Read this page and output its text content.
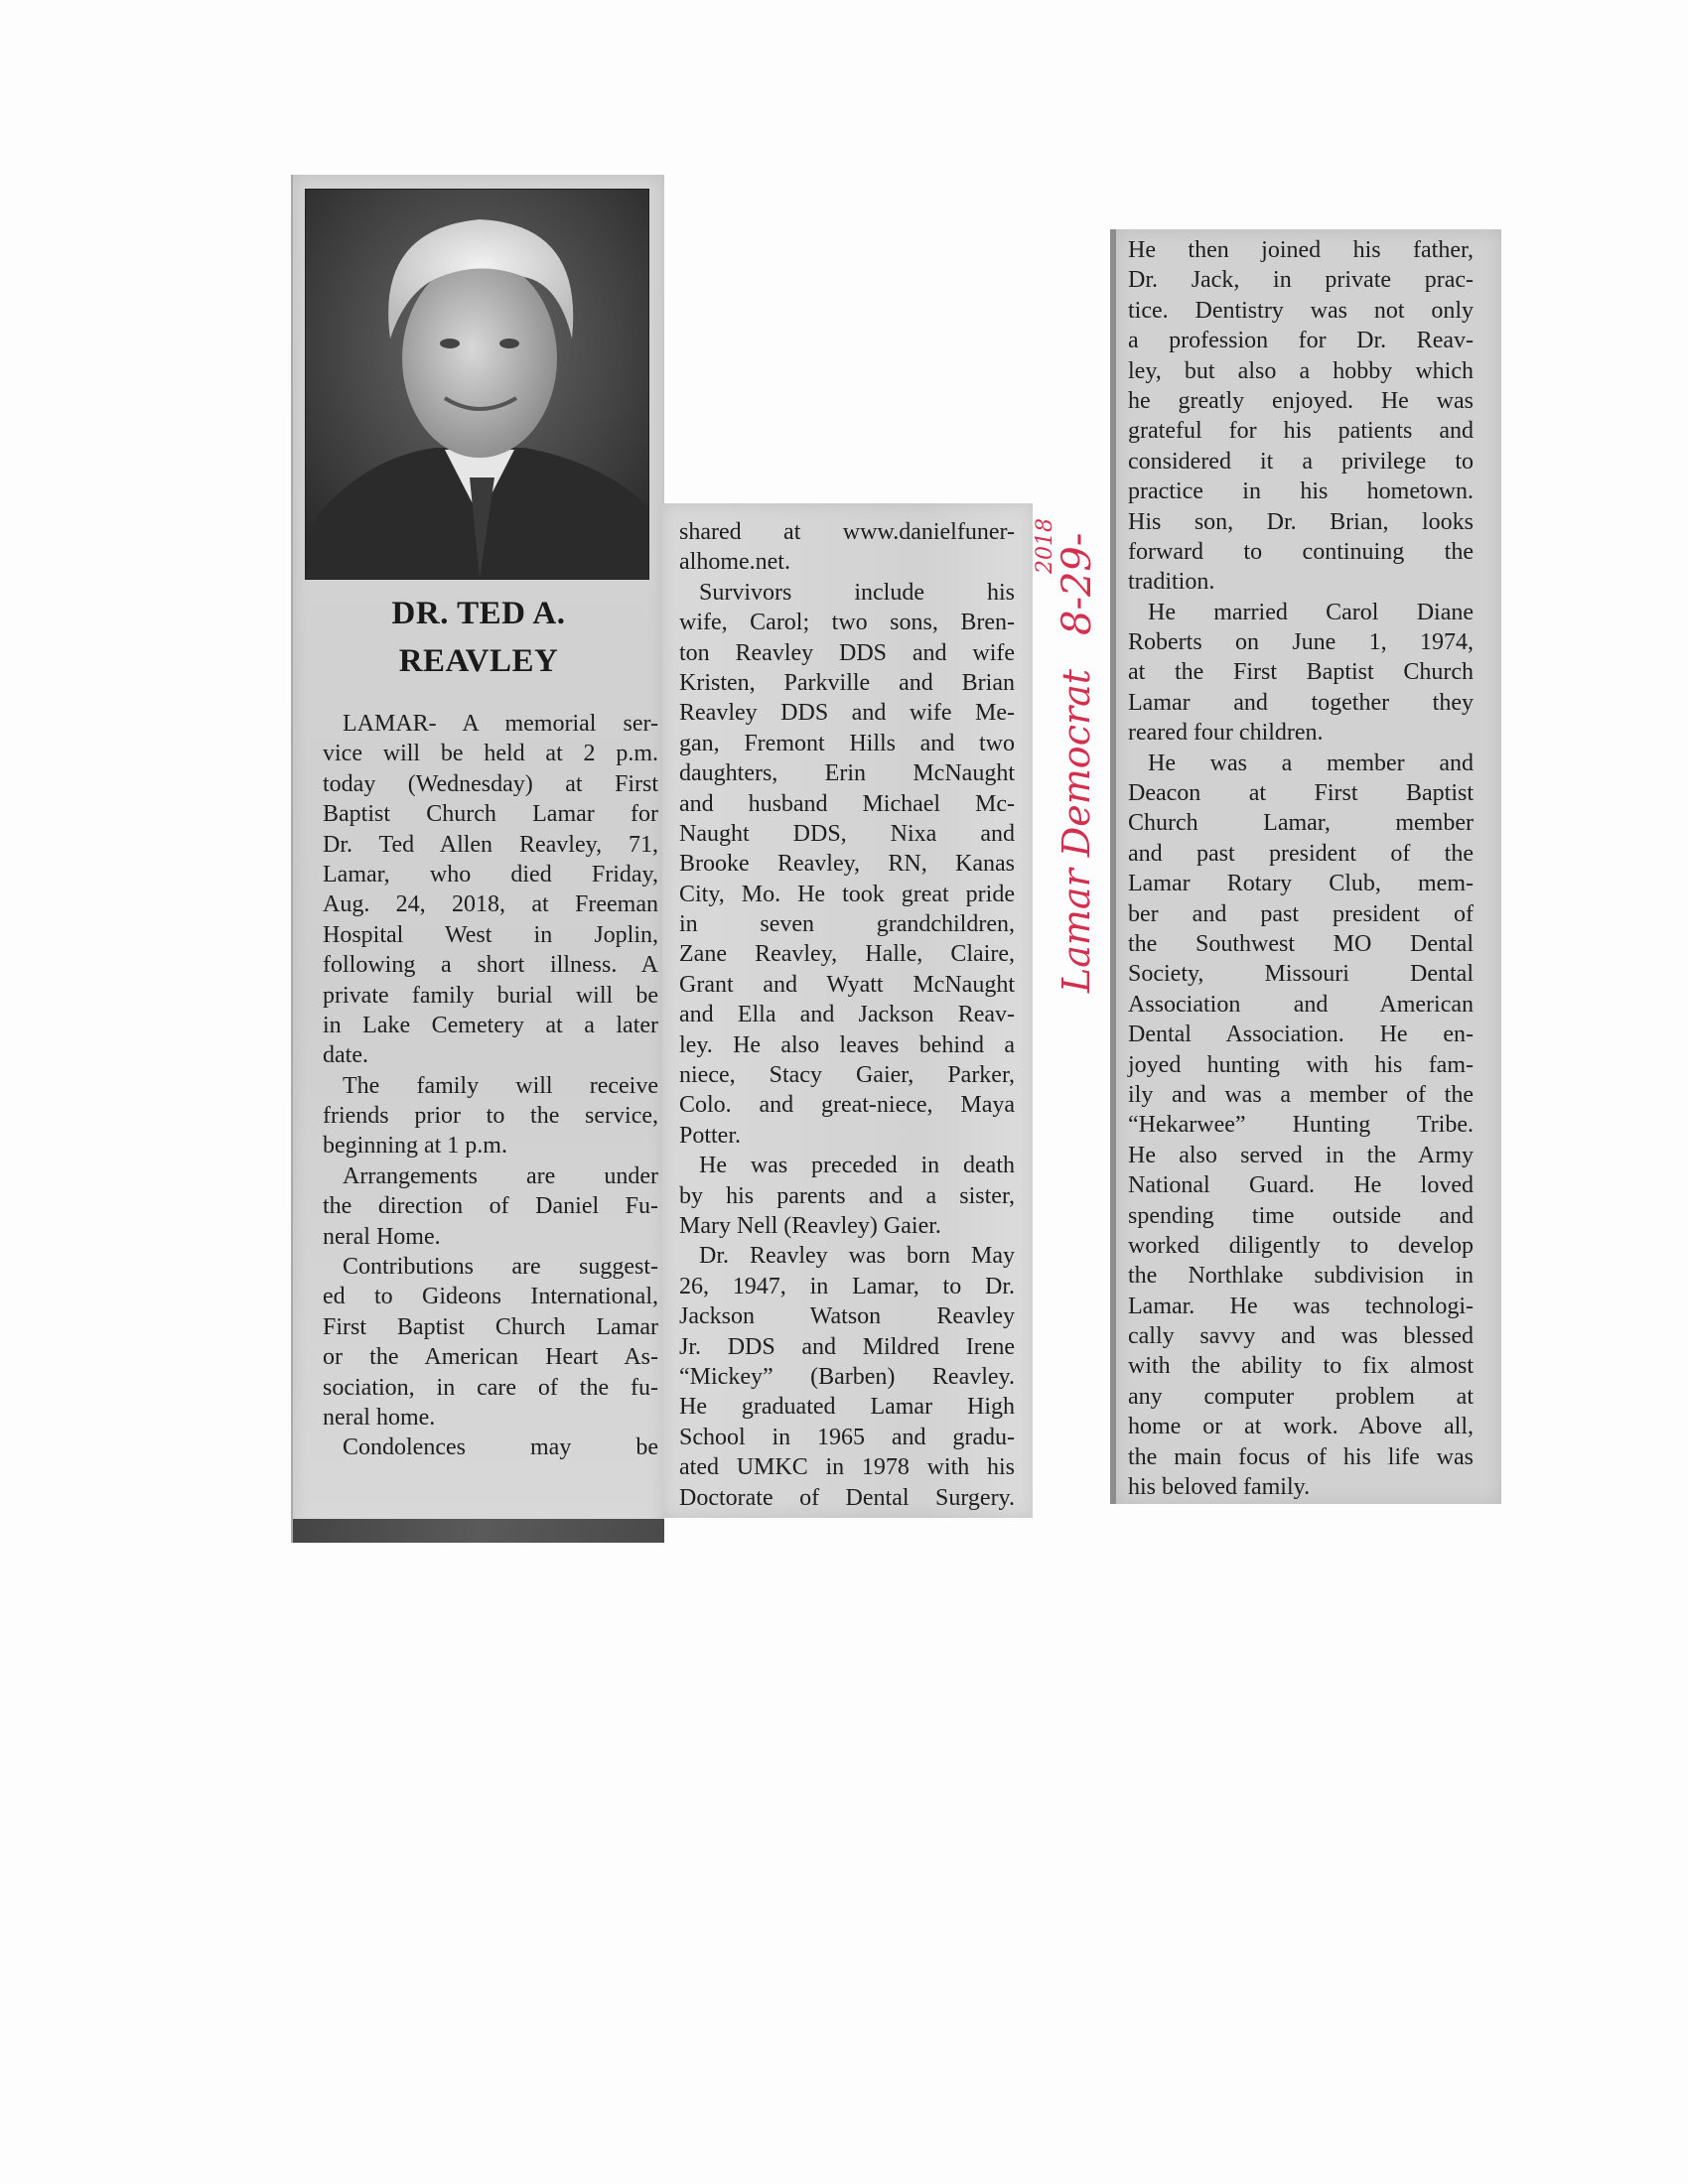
DR. TED A.
REAVLEY
LAMAR- A memorial ser-
vice will be held at 2 p.m.
today (Wednesday) at First
Baptist Church Lamar for
Dr. Ted Allen Reavley, 71,
Lamar, who died Friday,
Aug. 24, 2018, at Freeman
Hospital West in Joplin,
following a short illness. A
private family burial will be
in Lake Cemetery at a later
date.
The family will receive
friends prior to the service,
beginning at 1 p.m.
Arrangements are under
the direction of Daniel Fu-
neral Home.
Contributions are suggest-
ed to Gideons International,
First Baptist Church Lamar
or the American Heart As-
sociation, in care of the fu-
neral home.
Condolences may be
shared at www.danielfuner-
alhome.net.
Survivors include his
wife, Carol; two sons, Bren-
ton Reavley DDS and wife
Kristen, Parkville and Brian
Reavley DDS and wife Me-
gan, Fremont Hills and two
daughters, Erin McNaught
and husband Michael Mc-
Naught DDS, Nixa and
Brooke Reavley, RN, Kanas
City, Mo. He took great pride
in seven grandchildren,
Zane Reavley, Halle, Claire,
Grant and Wyatt McNaught
and Ella and Jackson Reav-
ley. He also leaves behind a
niece, Stacy Gaier, Parker,
Colo. and great-niece, Maya
Potter.
He was preceded in death
by his parents and a sister,
Mary Nell (Reavley) Gaier.
Dr. Reavley was born May
26, 1947, in Lamar, to Dr.
Jackson Watson Reavley
Jr. DDS and Mildred Irene
“Mickey” (Barben) Reavley.
He graduated Lamar High
School in 1965 and gradu-
ated UMKC in 1978 with his
Doctorate of Dental Surgery.
He then joined his father,
Dr. Jack, in private prac-
tice. Dentistry was not only
a profession for Dr. Reav-
ley, but also a hobby which
he greatly enjoyed. He was
grateful for his patients and
considered it a privilege to
practice in his hometown.
His son, Dr. Brian, looks
forward to continuing the
tradition.
He married Carol Diane
Roberts on June 1, 1974,
at the First Baptist Church
Lamar and together they
reared four children.
He was a member and
Deacon at First Baptist
Church Lamar, member
and past president of the
Lamar Rotary Club, mem-
ber and past president of
the Southwest MO Dental
Society, Missouri Dental
Association and American
Dental Association. He en-
joyed hunting with his fam-
ily and was a member of the
“Hekarwee” Hunting Tribe.
He also served in the Army
National Guard. He loved
spending time outside and
worked diligently to develop
the Northlake subdivision in
Lamar. He was technologi-
cally savvy and was blessed
with the ability to fix almost
any computer problem at
home or at work. Above all,
the main focus of his life was
his beloved family.
Lamar Democrat
8-29-
2018
